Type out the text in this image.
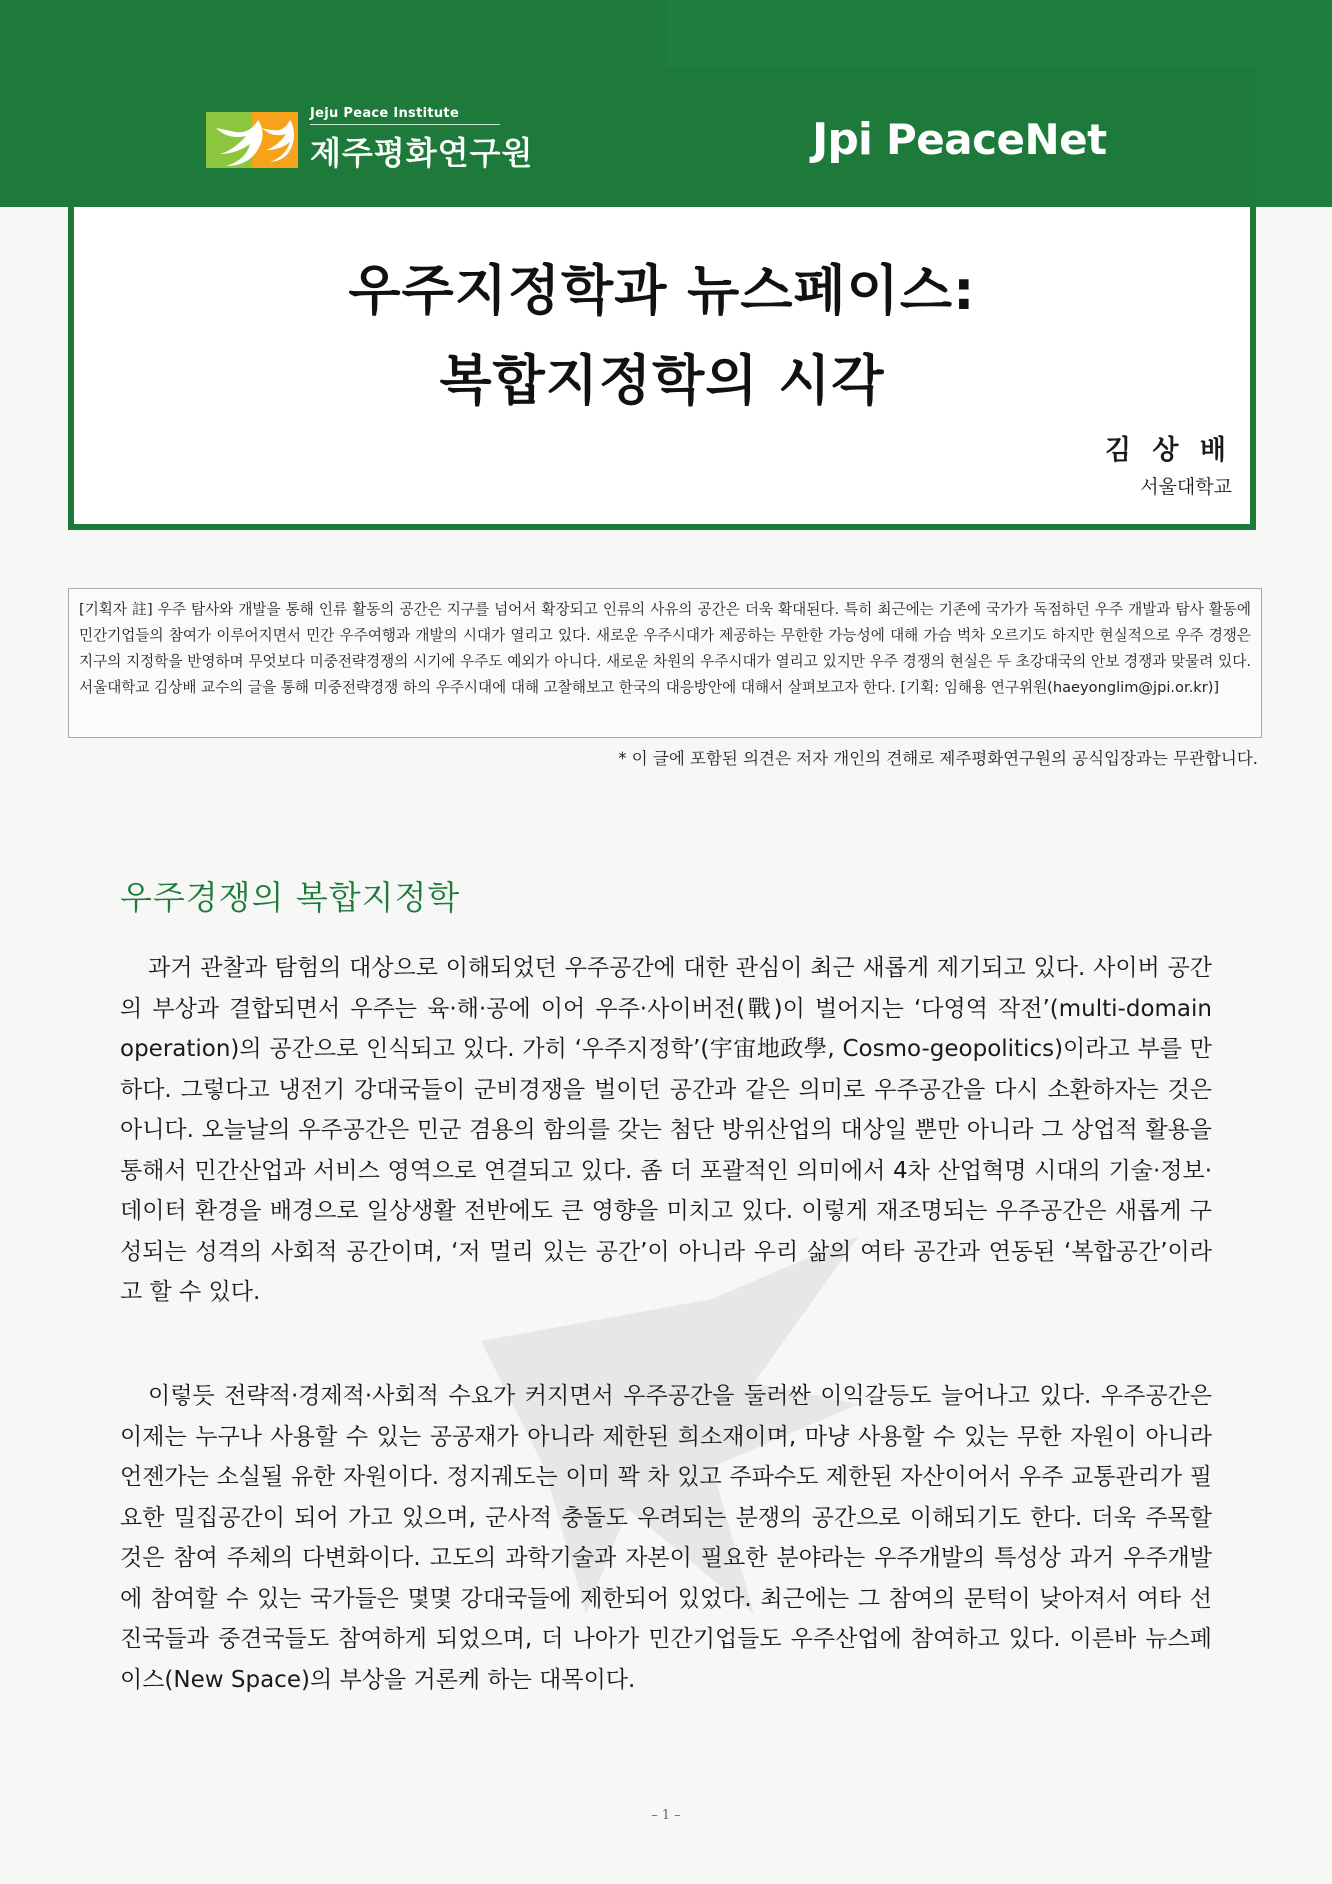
Jeju Peace Institute
제주평화연구원	Jpi PeaceNet
우주지정학과 뉴스페이스:
복합지정학의 시각
김 상 배
서울대학교
[기획자 註] 우주 탐사와 개발을 통해 인류 활동의 공간은 지구를 넘어서 확장되고 인류의 사유의 공간은 더욱 확대된다. 특히 최근에는 기존에 국가가 독점하던 우주 개발과 탐사 활동에 민간기업들의 참여가 이루어지면서 민간 우주여행과 개발의 시대가 열리고 있다. 새로운 우주시대가 제공하는 무한한 가능성에 대해 가슴 벅차 오르기도 하지만 현실적으로 우주 경쟁은 지구의 지정학을 반영하며 무엇보다 미중전략경쟁의 시기에 우주도 예외가 아니다. 새로운 차원의 우주시대가 열리고 있지만 우주 경쟁의 현실은 두 초강대국의 안보 경쟁과 맞물려 있다. 서울대학교 김상배 교수의 글을 통해 미중전략경쟁 하의 우주시대에 대해 고찰해보고 한국의 대응방안에 대해서 살펴보고자 한다. [기획: 임해용 연구위원(haeyonglim@jpi.or.kr)]
* 이 글에 포함된 의견은 저자 개인의 견해로 제주평화연구원의 공식입장과는 무관합니다.
우주경쟁의 복합지정학

과거 관찰과 탐험의 대상으로 이해되었던 우주공간에 대한 관심이 최근 새롭게 제기되고 있다. 사이버 공간의 부상과 결합되면서 우주는 육·해·공에 이어 우주·사이버전(戰)이 벌어지는 ‘다영역 작전’(multi-domain operation)의 공간으로 인식되고 있다. 가히 ‘우주지정학’(宇宙地政學, Cosmo-geopolitics)이라고 부를 만하다. 그렇다고 냉전기 강대국들이 군비경쟁을 벌이던 공간과 같은 의미로 우주공간을 다시 소환하자는 것은 아니다. 오늘날의 우주공간은 민군 겸용의 함의를 갖는 첨단 방위산업의 대상일 뿐만 아니라 그 상업적 활용을 통해서 민간산업과 서비스 영역으로 연결되고 있다. 좀 더 포괄적인 의미에서 4차 산업혁명 시대의 기술·정보·데이터 환경을 배경으로 일상생활 전반에도 큰 영향을 미치고 있다. 이렇게 재조명되는 우주공간은 새롭게 구성되는 성격의 사회적 공간이며, ‘저 멀리 있는 공간’이 아니라 우리 삶의 여타 공간과 연동된 ‘복합공간’이라고 할 수 있다.

이렇듯 전략적·경제적·사회적 수요가 커지면서 우주공간을 둘러싼 이익갈등도 늘어나고 있다. 우주공간은 이제는 누구나 사용할 수 있는 공공재가 아니라 제한된 희소재이며, 마냥 사용할 수 있는 무한 자원이 아니라 언젠가는 소실될 유한 자원이다. 정지궤도는 이미 꽉 차 있고 주파수도 제한된 자산이어서 우주 교통관리가 필요한 밀집공간이 되어 가고 있으며, 군사적 충돌도 우려되는 분쟁의 공간으로 이해되기도 한다. 더욱 주목할 것은 참여 주체의 다변화이다. 고도의 과학기술과 자본이 필요한 분야라는 우주개발의 특성상 과거 우주개발에 참여할 수 있는 국가들은 몇몇 강대국들에 제한되어 있었다. 최근에는 그 참여의 문턱이 낮아져서 여타 선진국들과 중견국들도 참여하게 되었으며, 더 나아가 민간기업들도 우주산업에 참여하고 있다. 이른바 뉴스페이스(New Space)의 부상을 거론케 하는 대목이다.

– 1 –
